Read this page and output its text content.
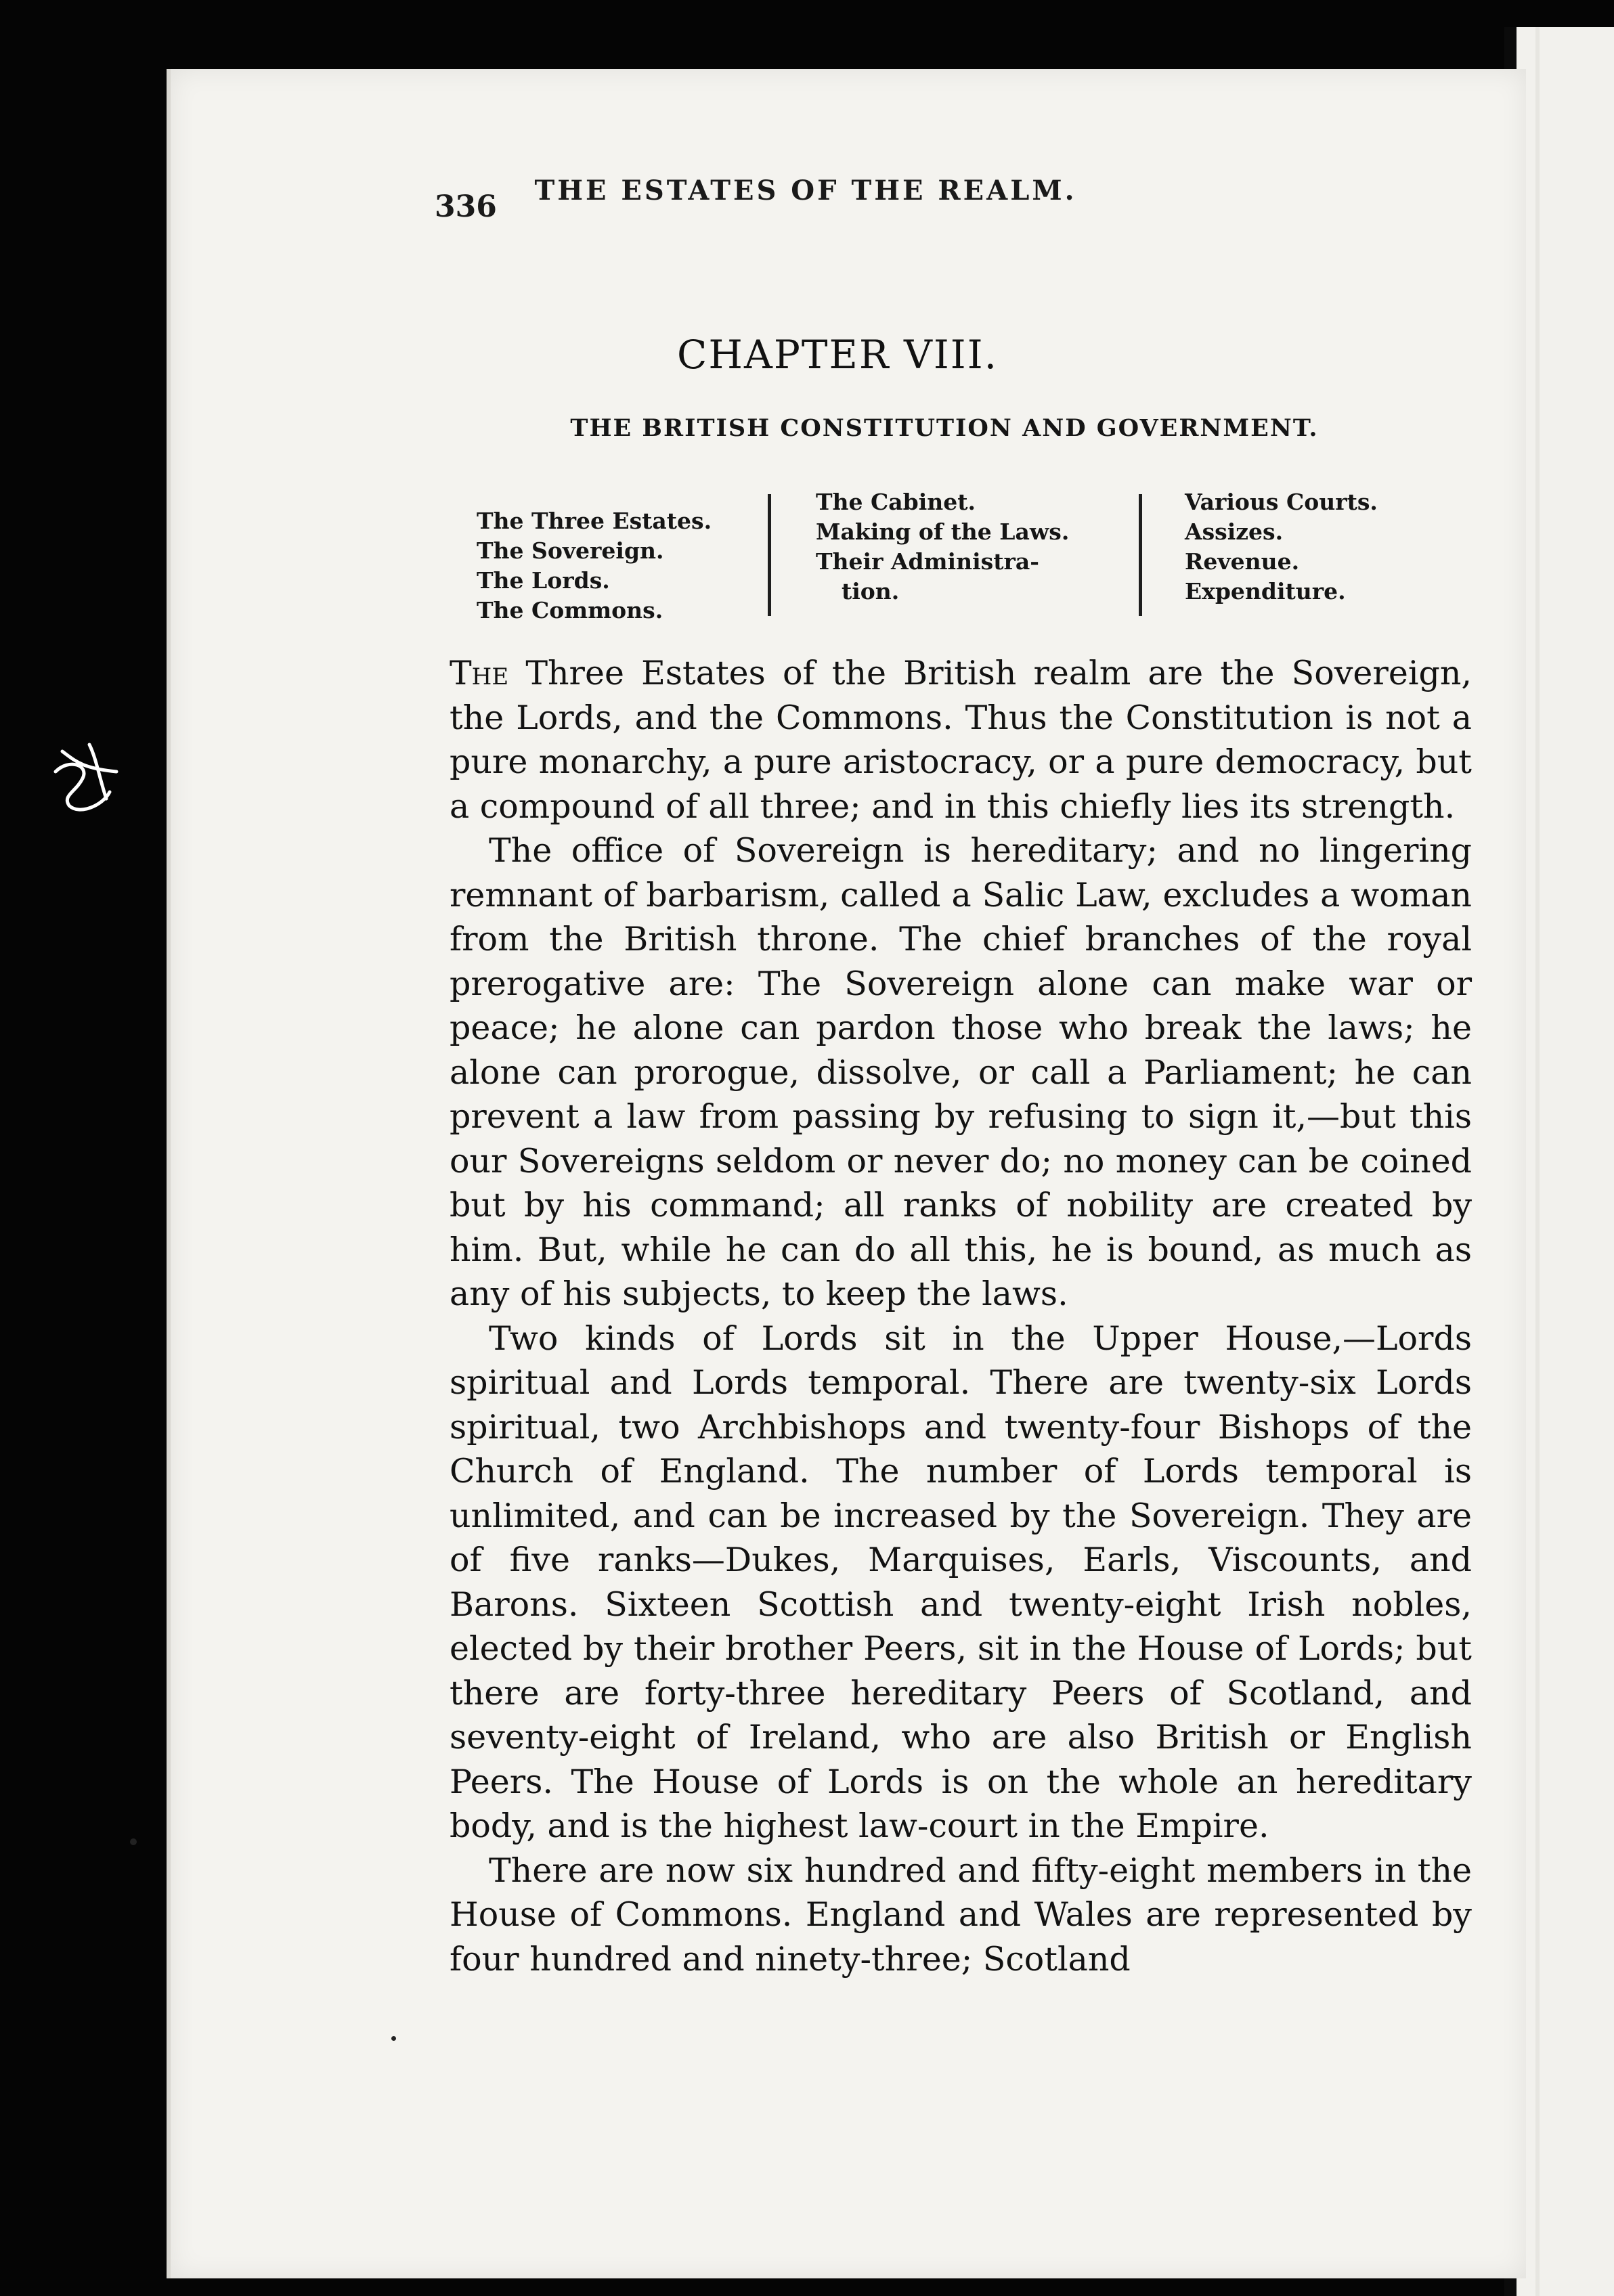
336	THE ESTATES OF THE REALM.
CHAPTER VIII.
THE BRITISH CONSTITUTION AND GOVERNMENT.
The Three Estates.
The Sovereign.
The Lords.
The Commons.
The Cabinet.
Making of the Laws.
Their Administra-
tion.
Various Courts.
Assizes.
Revenue.
Expenditure.

The Three Estates of the British realm are the Sovereign, the Lords, and the Commons. Thus the Constitution is not a pure monarchy, a pure aristocracy, or a pure democracy, but a compound of all three; and in this chiefly lies its strength.

The office of Sovereign is hereditary; and no lingering remnant of barbarism, called a Salic Law, excludes a woman from the British throne. The chief branches of the royal prerogative are: The Sovereign alone can make war or peace; he alone can pardon those who break the laws; he alone can prorogue, dissolve, or call a Parliament; he can prevent a law from passing by refusing to sign it,—but this our Sovereigns seldom or never do; no money can be coined but by his command; all ranks of nobility are created by him. But, while he can do all this, he is bound, as much as any of his subjects, to keep the laws.

Two kinds of Lords sit in the Upper House,—Lords spiritual and Lords temporal. There are twenty-six Lords spiritual, two Archbishops and twenty-four Bishops of the Church of England. The number of Lords temporal is unlimited, and can be increased by the Sovereign. They are of five ranks—Dukes, Marquises, Earls, Viscounts, and Barons. Sixteen Scottish and twenty-eight Irish nobles, elected by their brother Peers, sit in the House of Lords; but there are forty-three hereditary Peers of Scotland, and seventy-eight of Ireland, who are also British or English Peers. The House of Lords is on the whole an hereditary body, and is the highest law-court in the Empire.

There are now six hundred and fifty-eight members in the House of Commons. England and Wales are represented by four hundred and ninety-three; Scotland
